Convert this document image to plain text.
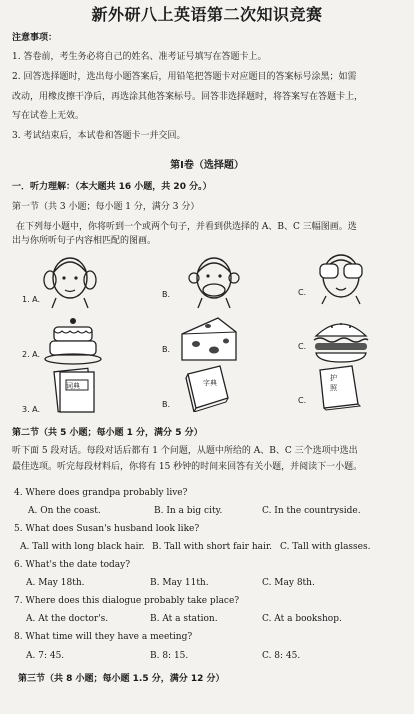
新外研八上英语第二次知识竞赛
注意事项：
1. 答卷前，考生务必将自己的姓名、准考证号填写在答题卡上。
2. 回答选择题时，选出每小题答案后，用铅笔把答题卡对应题目的答案标号涂黑；如需
改动，用橡皮擦干净后，再选涂其他答案标号。回答非选择题时，将答案写在答题卡上，
写在试卷上无效。
3. 考试结束后，本试卷和答题卡一并交回。
第Ⅰ卷（选择题）
一．听力理解：（本大题共 16 小题，共 20 分。）
第一节（共 3 小题；每小题 1 分，满分 3 分）
在下列每小题中，你将听到一个或两个句子，并看到供选择的 A、B、C 三幅图画。选
出与你所听句子内容相匹配的图画。
1. A.
B.	C.
2. A.
B.	C.
3. A.
词典
B.
字典
C.
护照
第二节（共 5 小题；每小题 1 分，满分 5 分）
听下面 5 段对话。每段对话后都有 1 个问题，从题中所给的 A、B、C 三个选项中选出
最佳选项。听完每段材料后，你将有 15 秒钟的时间来回答有关小题，并阅读下一小题。
4. Where does grandpa probably live?
A. On the coast.	B. In a big city.	C. In the countryside.
5. What does Susan's husband look like?
A. Tall with long black hair. B. Tall with short fair hair. C. Tall with glasses.
6. What's the date today?
A. May 18th.	B. May 11th.	C. May 8th.
7. Where does this dialogue probably take place?
A. At the doctor's.	B. At a station.	C. At a bookshop.
8. What time will they have a meeting?
A. 7: 45.	B. 8: 15.	C. 8: 45.
第三节（共 8 小题；每小题 1.5 分，满分 12 分）
